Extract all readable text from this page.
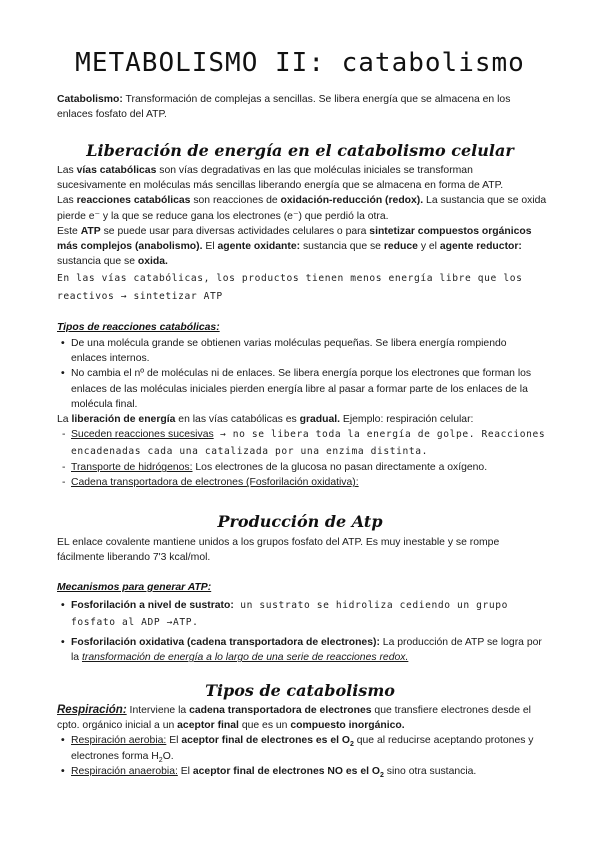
METABOLISMO II: catabolismo
Catabolismo: Transformación de complejas a sencillas. Se libera energía que se almacena en los
enlaces fosfato del ATP.
Liberación de energía en el catabolismo celular
Las vías catabólicas son vías degradativas en las que moléculas iniciales se transforman
sucesivamente en moléculas más sencillas liberando energía que se almacena en forma de ATP.
Las reacciones catabólicas son reacciones de oxidación-reducción (redox). La sustancia que se oxida
pierde e⁻ y la que se reduce gana los electrones (e⁻) que perdió la otra.
Este ATP se puede usar para diversas actividades celulares o para sintetizar compuestos orgánicos
más complejos (anabolismo). El agente oxidante: sustancia que se reduce y el agente reductor:
sustancia que se oxida.
En las vías catabólicas, los productos tienen menos energía libre que los
reactivos → sintetizar ATP
Tipos de reacciones catabólicas:
• De una molécula grande se obtienen varias moléculas pequeñas. Se libera energía rompiendo
enlaces internos.
• No cambia el nº de moléculas ni de enlaces. Se libera energía porque los electrones que forman los
enlaces de las moléculas iniciales pierden energía libre al pasar a formar parte de los enlaces de la
molécula final.
La liberación de energía en las vías catabólicas es gradual. Ejemplo: respiración celular:
- Suceden reacciones sucesivas → no se libera toda la energía de golpe. Reacciones
encadenadas cada una catalizada por una enzima distinta.
- Transporte de hidrógenos: Los electrones de la glucosa no pasan directamente a oxígeno.
- Cadena transportadora de electrones (Fosforilación oxidativa):
Producción de Atp
EL enlace covalente mantiene unidos a los grupos fosfato del ATP. Es muy inestable y se rompe
fácilmente liberando 7'3 kcal/mol.
Mecanismos para generar ATP:
• Fosforilación a nivel de sustrato: un sustrato se hidroliza cediendo un grupo
fosfato al ADP →ATP.
• Fosforilación oxidativa (cadena transportadora de electrones): La producción de ATP se logra por
la transformación de energía a lo largo de una serie de reacciones redox.
Tipos de catabolismo
Respiración: Interviene la cadena transportadora de electrones que transfiere electrones desde el
cpto. orgánico inicial a un aceptor final que es un compuesto inorgánico.
• Respiración aerobia: El aceptor final de electrones es el $O_2$ que al reducirse aceptando protones y
electrones forma $H_2O$.
• Respiración anaerobia: El aceptor final de electrones NO es el $O_2$ sino otra sustancia.
